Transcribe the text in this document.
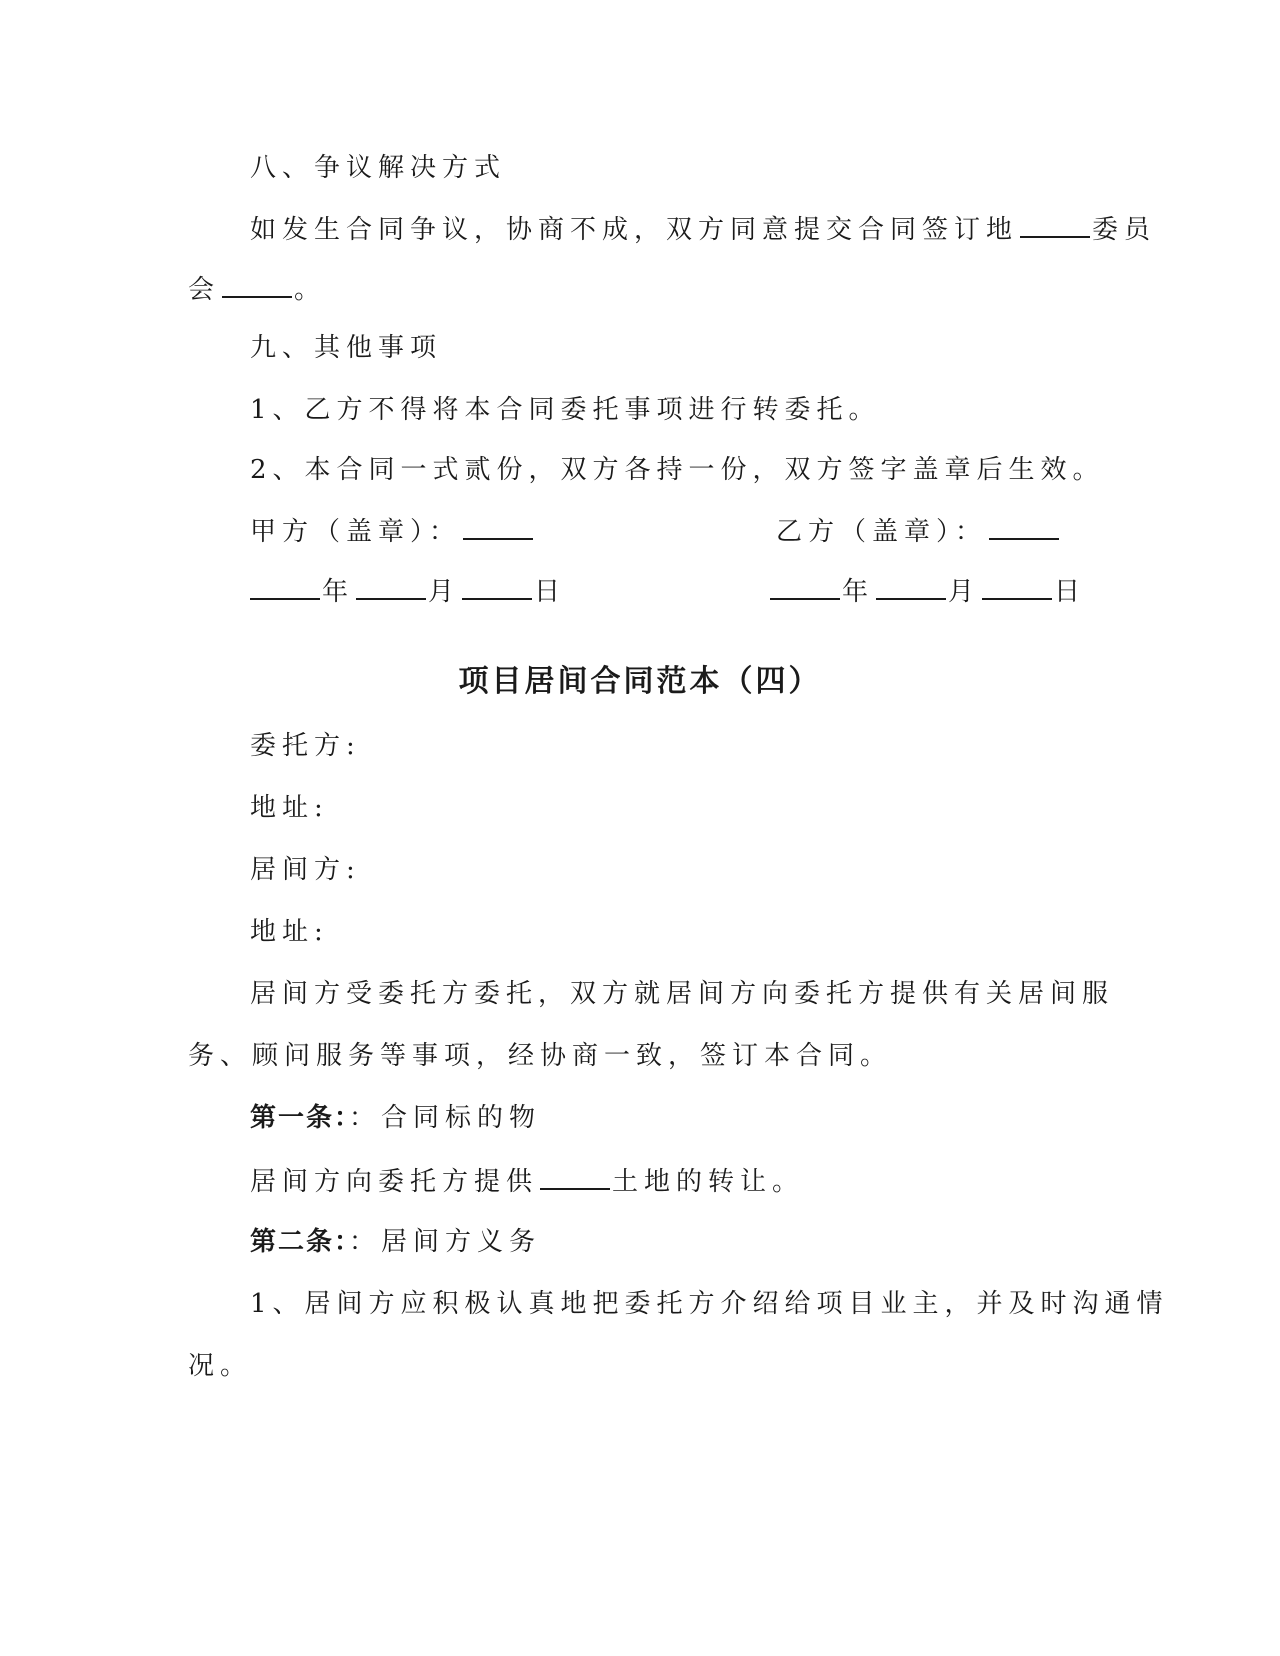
八、争议解决方式

如发生合同争议，协商不成，双方同意提交合同签订地	委员

会	。

九、其他事项

1、乙方不得将本合同委托事项进行转委托。

2、本合同一式贰份，双方各持一份，双方签字盖章后生效。

甲方（盖章）：	乙方（盖章）：

年	月	日	年	月	日

项目居间合同范本（四）

委托方:

地址:

居间方:

地址:

居间方受委托方委托，双方就居间方向委托方提供有关居间服

务、顾问服务等事项，经协商一致，签订本合同。

第一条：：合同标的物

居间方向委托方提供	土地的转让。

第二条：：居间方义务

1、居间方应积极认真地把委托方介绍给项目业主，并及时沟通情

况。
